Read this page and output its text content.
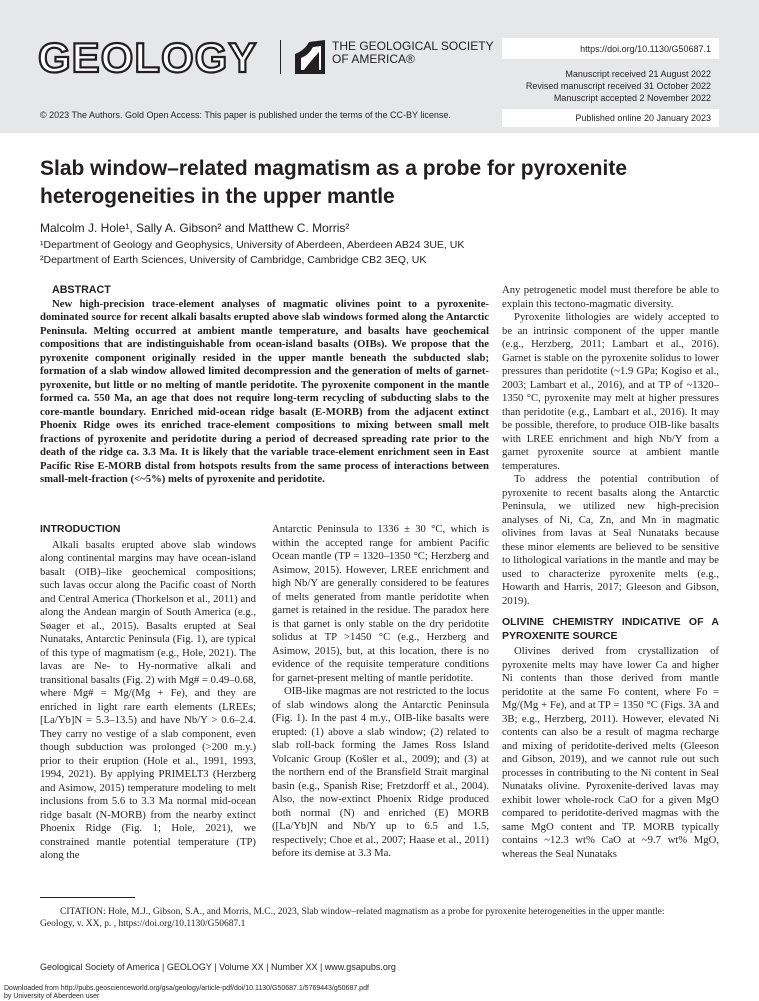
GEOLOGY	THE GEOLOGICAL SOCIETY
OF AMERICA®
© 2023 The Authors. Gold Open Access: This paper is published under the terms of the CC-BY license.
https://doi.org/10.1130/G50687.1
Manuscript received 21 August 2022
Revised manuscript received 31 October 2022
Manuscript accepted 2 November 2022
Published online 20 January 2023
Slab window–related magmatism as a probe for pyroxenite heterogeneities in the upper mantle
Malcolm J. Hole¹, Sally A. Gibson² and Matthew C. Morris²
¹Department of Geology and Geophysics, University of Aberdeen, Aberdeen AB24 3UE, UK
²Department of Earth Sciences, University of Cambridge, Cambridge CB2 3EQ, UK

ABSTRACT

New high-precision trace-element analyses of magmatic olivines point to a pyroxenite-dominated source for recent alkali basalts erupted above slab windows formed along the Antarctic Peninsula. Melting occurred at ambient mantle temperature, and basalts have geochemical compositions that are indistinguishable from ocean-island basalts (OIBs). We propose that the pyroxenite component originally resided in the upper mantle beneath the subducted slab; formation of a slab window allowed limited decompression and the generation of melts of garnet-pyroxenite, but little or no melting of mantle peridotite. The pyroxenite component in the mantle formed ca. 550 Ma, an age that does not require long-term recycling of subducting slabs to the core-mantle boundary. Enriched mid-ocean ridge basalt (E-MORB) from the adjacent extinct Phoenix Ridge owes its enriched trace-element compositions to mixing between small melt fractions of pyroxenite and peridotite during a period of decreased spreading rate prior to the death of the ridge ca. 3.3 Ma. It is likely that the variable trace-element enrichment seen in East Pacific Rise E-MORB distal from hotspots results from the same process of interactions between small-melt-fraction (<~5%) melts of pyroxenite and peridotite.

INTRODUCTION

Alkali basalts erupted above slab windows along continental margins may have ocean-island basalt (OIB)–like geochemical compositions; such lavas occur along the Pacific coast of North and Central America (Thorkelson et al., 2011) and along the Andean margin of South America (e.g., Søager et al., 2015). Basalts erupted at Seal Nunataks, Antarctic Peninsula (Fig. 1), are typical of this type of magmatism (e.g., Hole, 2021). The lavas are Ne- to Hy-normative alkali and transitional basalts (Fig. 2) with Mg# = 0.49–0.68, where Mg# = Mg/(Mg + Fe), and they are enriched in light rare earth elements (LREEs; [La/Yb]N = 5.3–13.5) and have Nb/Y > 0.6–2.4. They carry no vestige of a slab component, even though subduction was prolonged (>200 m.y.) prior to their eruption (Hole et al., 1991, 1993, 1994, 2021). By applying PRIMELT3 (Herzberg and Asimow, 2015) temperature modeling to melt inclusions from 5.6 to 3.3 Ma normal mid-ocean ridge basalt (N-MORB) from the nearby extinct Phoenix Ridge (Fig. 1; Hole, 2021), we constrained mantle potential temperature (TP) along the

Antarctic Peninsula to 1336 ± 30 °C, which is within the accepted range for ambient Pacific Ocean mantle (TP = 1320–1350 °C; Herzberg and Asimow, 2015). However, LREE enrichment and high Nb/Y are generally considered to be features of melts generated from mantle peridotite when garnet is retained in the residue. The paradox here is that garnet is only stable on the dry peridotite solidus at TP >1450 °C (e.g., Herzberg and Asimow, 2015), but, at this location, there is no evidence of the requisite temperature conditions for garnet-present melting of mantle peridotite.

OIB-like magmas are not restricted to the locus of slab windows along the Antarctic Peninsula (Fig. 1). In the past 4 m.y., OIB-like basalts were erupted: (1) above a slab window; (2) related to slab roll-back forming the James Ross Island Volcanic Group (Košler et al., 2009); and (3) at the northern end of the Bransfield Strait marginal basin (e.g., Spanish Rise; Fretzdorff et al., 2004). Also, the now-extinct Phoenix Ridge produced both normal (N) and enriched (E) MORB ([La/Yb]N and Nb/Y up to 6.5 and 1.5, respectively; Choe et al., 2007; Haase et al., 2011) before its demise at 3.3 Ma.

Any petrogenetic model must therefore be able to explain this tectono-magmatic diversity.

Pyroxenite lithologies are widely accepted to be an intrinsic component of the upper mantle (e.g., Herzberg, 2011; Lambart et al., 2016). Garnet is stable on the pyroxenite solidus to lower pressures than peridotite (~1.9 GPa; Kogiso et al., 2003; Lambart et al., 2016), and at TP of ~1320–1350 °C, pyroxenite may melt at higher pressures than peridotite (e.g., Lambart et al., 2016). It may be possible, therefore, to produce OIB-like basalts with LREE enrichment and high Nb/Y from a garnet pyroxenite source at ambient mantle temperatures.

To address the potential contribution of pyroxenite to recent basalts along the Antarctic Peninsula, we utilized new high-precision analyses of Ni, Ca, Zn, and Mn in magmatic olivines from lavas at Seal Nunataks because these minor elements are believed to be sensitive to lithological variations in the mantle and may be used to characterize pyroxenite melts (e.g., Howarth and Harris, 2017; Gleeson and Gibson, 2019).

OLIVINE CHEMISTRY INDICATIVE OF A PYROXENITE SOURCE

Olivines derived from crystallization of pyroxenite melts may have lower Ca and higher Ni contents than those derived from mantle peridotite at the same Fo content, where Fo = Mg/(Mg + Fe), and at TP = 1350 °C (Figs. 3A and 3B; e.g., Herzberg, 2011). However, elevated Ni contents can also be a result of magma recharge and mixing of peridotite-derived melts (Gleeson and Gibson, 2019), and we cannot rule out such processes in contributing to the Ni content in Seal Nunataks olivine. Pyroxenite-derived lavas may exhibit lower whole-rock CaO for a given MgO compared to peridotite-derived magmas with the same MgO content and TP. MORB typically contains ~12.3 wt% CaO at ~9.7 wt% MgO, whereas the Seal Nunataks

CITATION: Hole, M.J., Gibson, S.A., and Morris, M.C., 2023, Slab window–related magmatism as a probe for pyroxenite heterogeneities in the upper mantle:
Geology, v. XX, p. , https://doi.org/10.1130/G50687.1
Geological Society of America | GEOLOGY | Volume XX | Number XX | www.gsapubs.org
Downloaded from http://pubs.geoscienceworld.org/gsa/geology/article-pdf/doi/10.1130/G50687.1/5769443/g50687.pdf
by University of Aberdeen user
